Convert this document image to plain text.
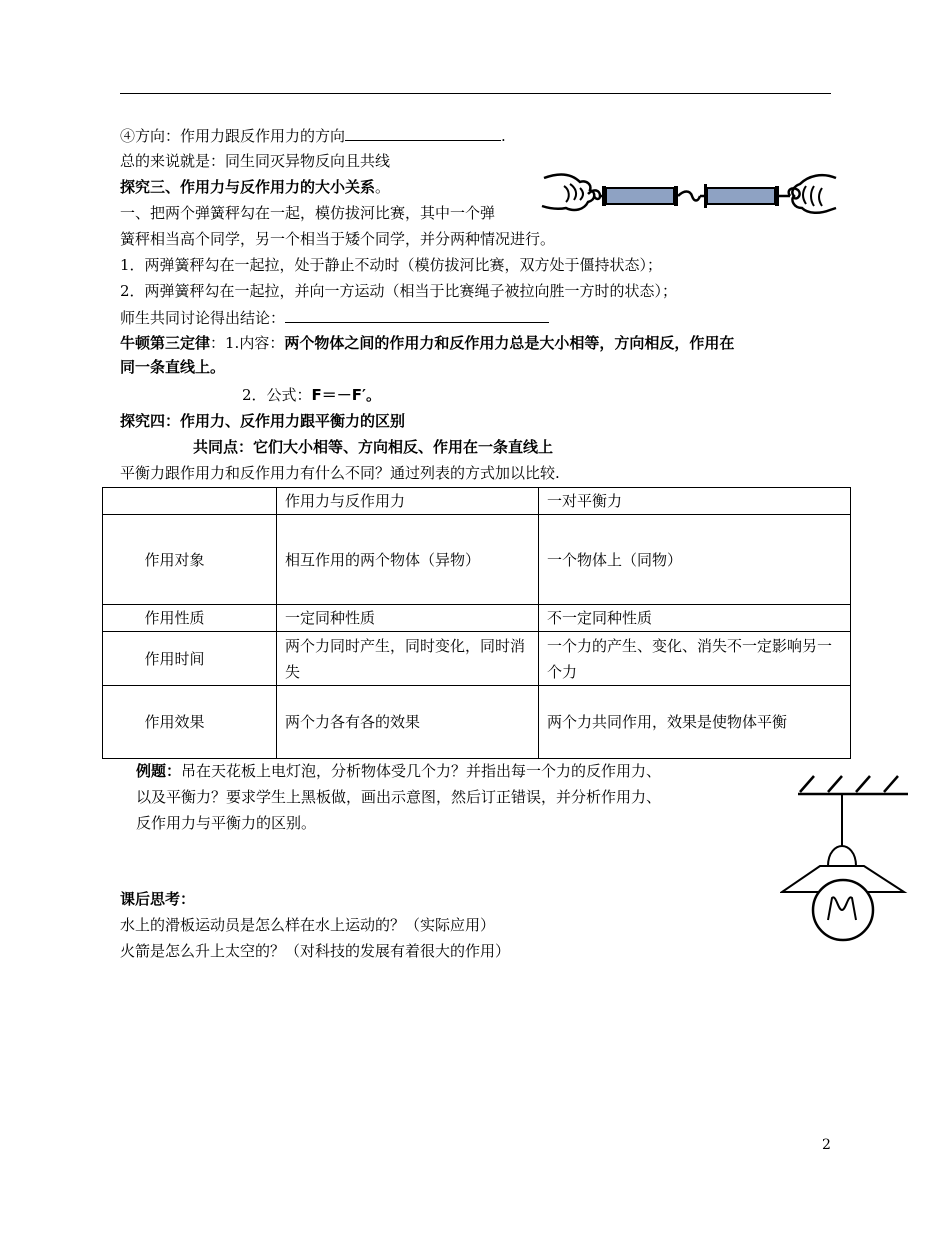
④方向：作用力跟反作用力的方向	.
总的来说就是：同生同灭异物反向且共线
探究三、作用力与反作用力的大小关系。
一、把两个弹簧秤勾在一起，模仿拔河比赛，其中一个弹
簧秤相当高个同学，另一个相当于矮个同学，并分两种情况进行。
1．两弹簧秤勾在一起拉，处于静止不动时（模仿拔河比赛，双方处于僵持状态）；
2．两弹簧秤勾在一起拉，并向一方运动（相当于比赛绳子被拉向胜一方时的状态）；
师生共同讨论得出结论：
牛顿第三定律：1.内容：两个物体之间的作用力和反作用力总是大小相等，方向相反，作用在
同一条直线上。
2．公式：F＝－F′。
探究四：作用力、反作用力跟平衡力的区别
共同点：它们大小相等、方向相反、作用在一条直线上
平衡力跟作用力和反作用力有什么不同？通过列表的方式加以比较.
	作用力与反作用力	一对平衡力
作用对象	相互作用的两个物体（异物）	一个物体上（同物）
作用性质	一定同种性质	不一定同种性质
作用时间	两个力同时产生，同时变化，同时消失	一个力的产生、变化、消失不一定影响另一个力
作用效果	两个力各有各的效果	两个力共同作用，效果是使物体平衡
例题：吊在天花板上电灯泡，分析物体受几个力？并指出每一个力的反作用力、
以及平衡力？要求学生上黑板做，画出示意图，然后订正错误，并分析作用力、
反作用力与平衡力的区别。
课后思考：
水上的滑板运动员是怎么样在水上运动的？（实际应用）
火箭是怎么升上太空的？（对科技的发展有着很大的作用）
2
